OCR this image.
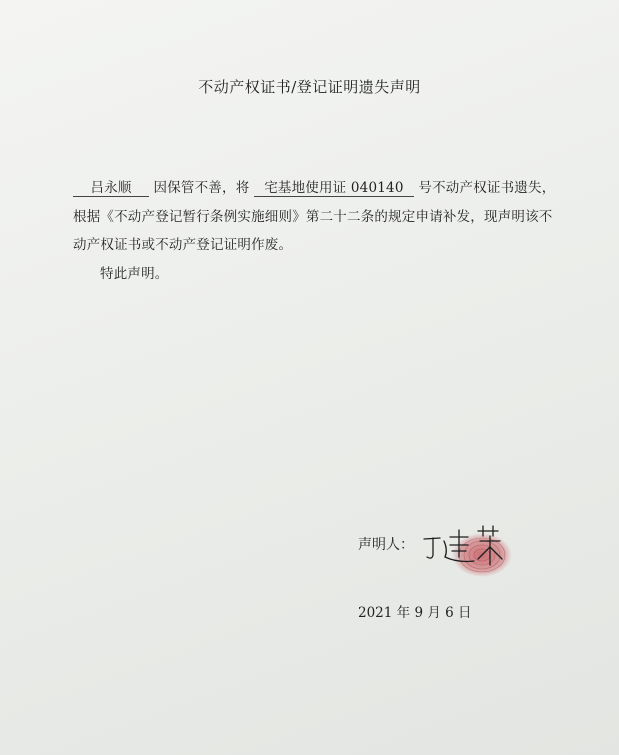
不动产权证书/登记证明遗失声明
吕永顺 因保管不善，将 宅基地使用证 040140 号不动产权证书遗失，
根据《不动产登记暂行条例实施细则》第二十二条的规定申请补发，现声明该不
动产权证书或不动产登记证明作废。
特此声明。
声明人：
2021 年 9 月 6 日
